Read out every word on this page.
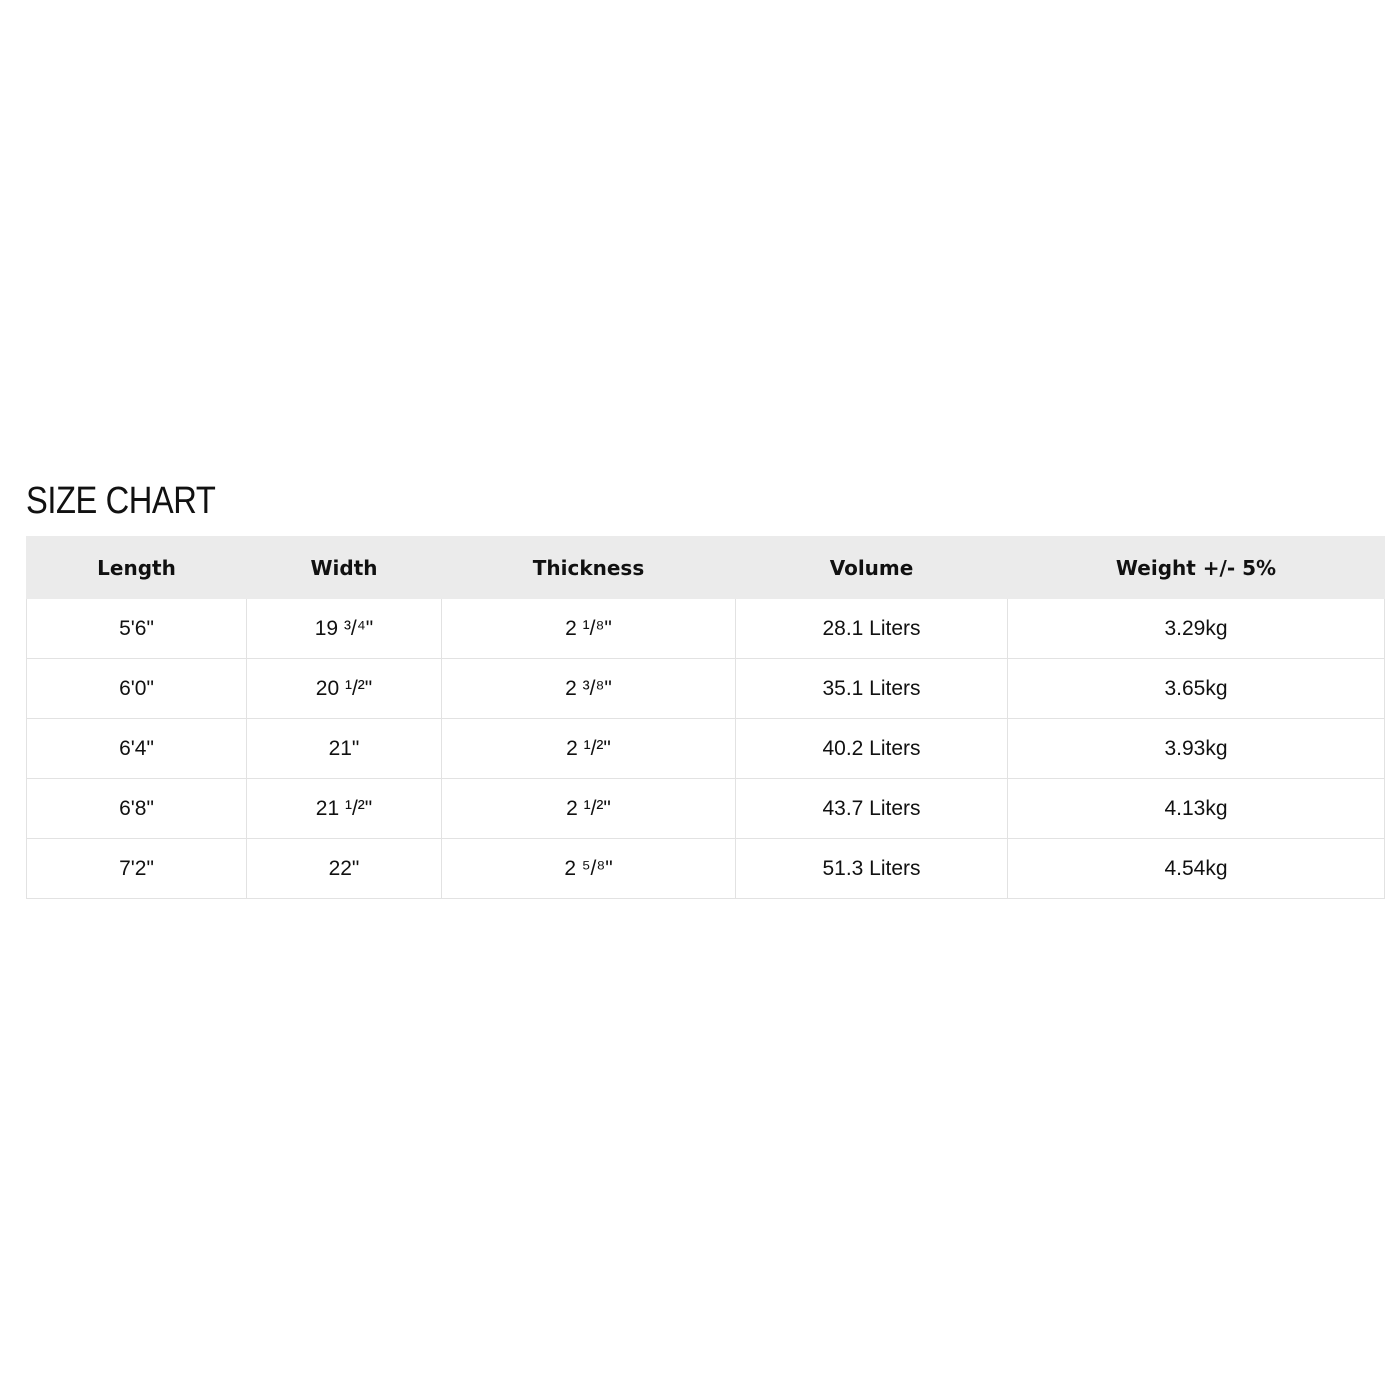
SIZE CHART
Length	Width	Thickness	Volume	Weight +/- 5%
5'6"	19 ³/⁴"	2 ¹/⁸"	28.1 Liters	3.29kg
6'0"	20 ¹/²"	2 ³/⁸"	35.1 Liters	3.65kg
6'4"	21"	2 ¹/²"	40.2 Liters	3.93kg
6'8"	21 ¹/²"	2 ¹/²"	43.7 Liters	4.13kg
7'2"	22"	2 ⁵/⁸"	51.3 Liters	4.54kg
